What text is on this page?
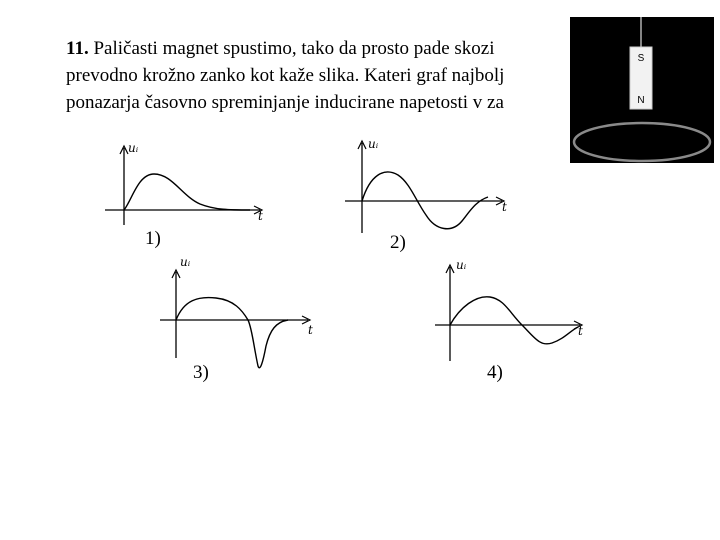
11. Paličasti magnet spustimo, tako da prosto pade skozi
prevodno krožno zanko kot kaže slika. Kateri graf najbolj
ponazarja časovno spreminjanje inducirane napetosti v za
S
N
uᵢ
t
1)
uᵢ
t
2)
uᵢ
t
3)
uᵢ
t
4)
